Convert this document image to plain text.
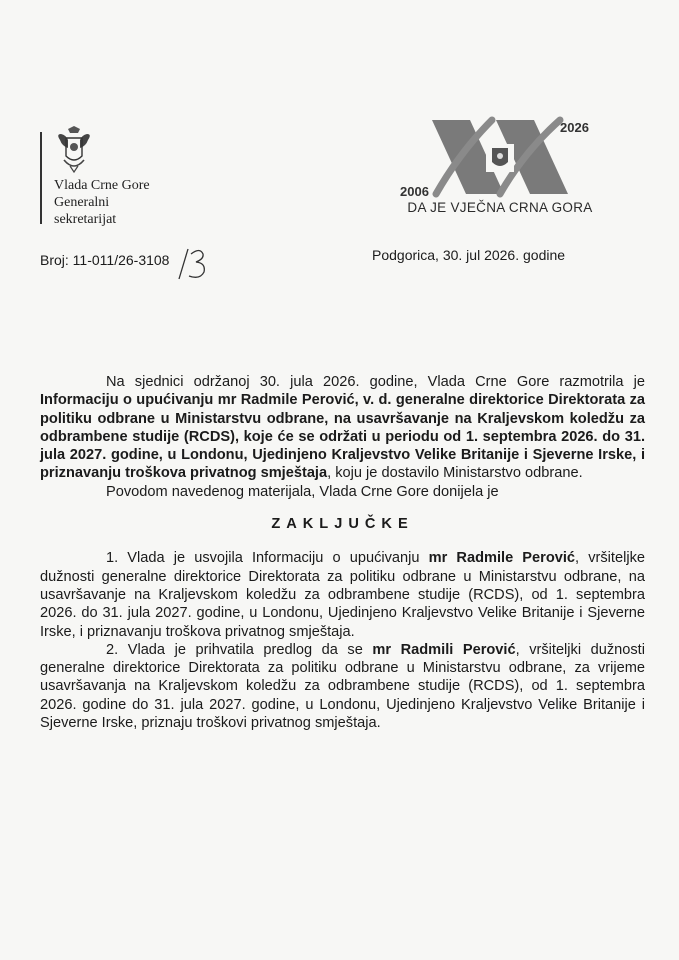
Vlada Crne Gore
Generalni
sekretarijat
Broj: 11-011/26-3108
2006
2026
DA JE VJEČNA CRNA GORA
Podgorica, 30. jul 2026. godine

Na sjednici održanoj 30. jula 2026. godine, Vlada Crne Gore razmotrila je Informaciju o upućivanju mr Radmile Perović, v. d. generalne direktorice Direktorata za politiku odbrane u Ministarstvu odbrane, na usavršavanje na Kraljevskom koledžu za odbrambene studije (RCDS), koje će se održati u periodu od 1. septembra 2026. do 31. jula 2027. godine, u Londonu, Ujedinjeno Kraljevstvo Velike Britanije i Sjeverne Irske, i priznavanju troškova privatnog smještaja, koju je dostavilo Ministarstvo odbrane.

Povodom navedenog materijala, Vlada Crne Gore donijela je

ZAKLJUČKE

1. Vlada je usvojila Informaciju o upućivanju mr Radmile Perović, vršiteljke dužnosti generalne direktorice Direktorata za politiku odbrane u Ministarstvu odbrane, na usavršavanje na Kraljevskom koledžu za odbrambene studije (RCDS), od 1. septembra 2026. do 31. jula 2027. godine, u Londonu, Ujedinjeno Kraljevstvo Velike Britanije i Sjeverne Irske, i priznavanju troškova privatnog smještaja.

2. Vlada je prihvatila predlog da se mr Radmili Perović, vršiteljki dužnosti generalne direktorice Direktorata za politiku odbrane u Ministarstvu odbrane, za vrijeme usavršavanja na Kraljevskom koledžu za odbrambene studije (RCDS), od 1. septembra 2026. godine do 31. jula 2027. godine, u Londonu, Ujedinjeno Kraljevstvo Velike Britanije i Sjeverne Irske, priznaju troškovi privatnog smještaja.
